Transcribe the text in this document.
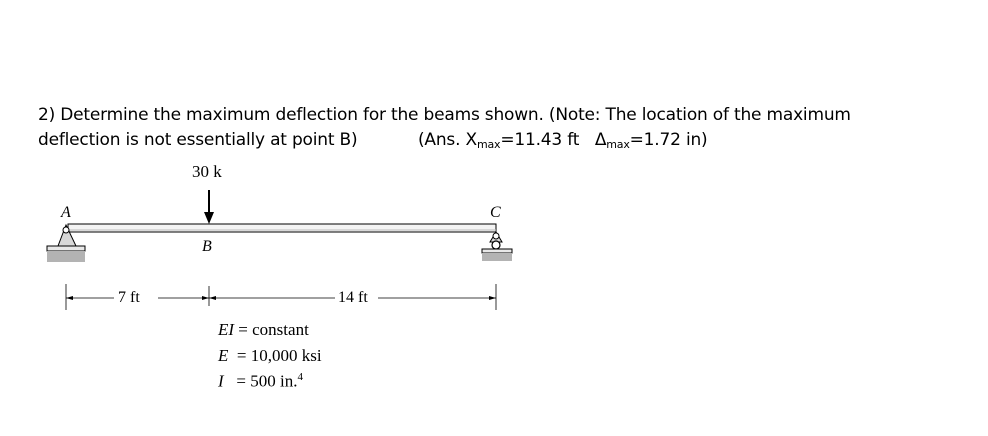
2) Determine the maximum deflection for the beams shown. (Note: The location of the maximum
deflection is not essentially at point B)	(Ans. $X_{max}=11.43$ ft $\Delta_{max}=1.72$ in)
30 k
A
B
C
7 ft	14 ft
EI = constant
E = 10,000 ksi
I = 500 in.$^4$
